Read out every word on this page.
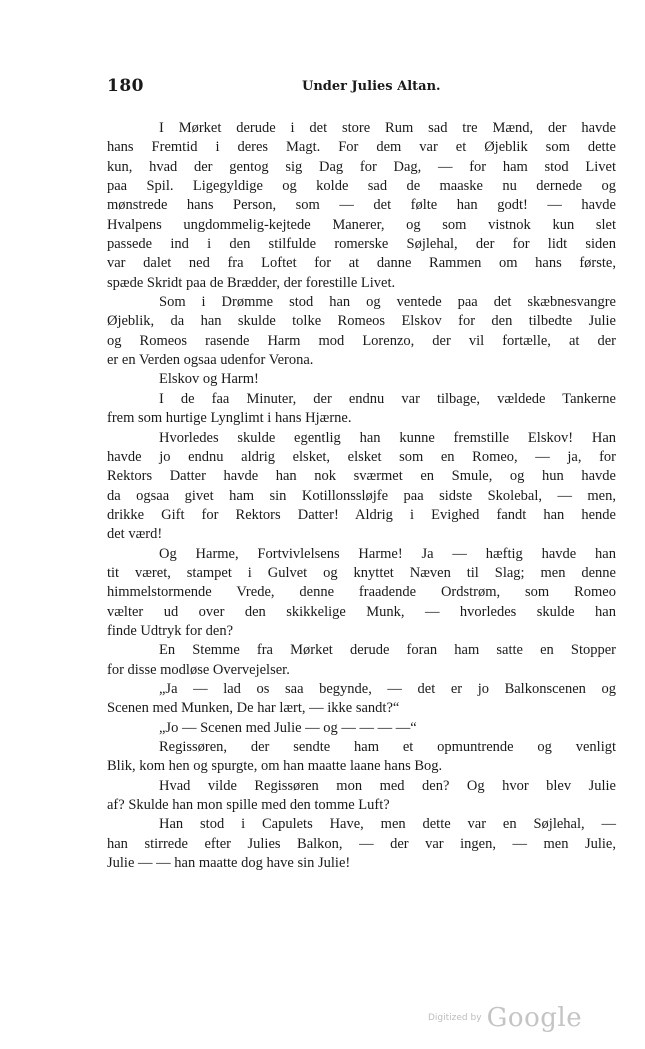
180	Under Julies Altan.
I Mørket derude i det store Rum sad tre Mænd, der havde
hans Fremtid i deres Magt. For dem var et Øjeblik som dette
kun, hvad der gentog sig Dag for Dag, — for ham stod Livet
paa Spil. Ligegyldige og kolde sad de maaske nu dernede og
mønstrede hans Person, som — det følte han godt! — havde
Hvalpens ungdommelig-kejtede Manerer, og som vistnok kun slet
passede ind i den stilfulde romerske Søjlehal, der for lidt siden
var dalet ned fra Loftet for at danne Rammen om hans første,
spæde Skridt paa de Brædder, der forestille Livet.
Som i Drømme stod han og ventede paa det skæbnesvangre
Øjeblik, da han skulde tolke Romeos Elskov for den tilbedte Julie
og Romeos rasende Harm mod Lorenzo, der vil fortælle, at der
er en Verden ogsaa udenfor Verona.
Elskov og Harm!
I de faa Minuter, der endnu var tilbage, vældede Tankerne
frem som hurtige Lynglimt i hans Hjærne.
Hvorledes skulde egentlig han kunne fremstille Elskov! Han
havde jo endnu aldrig elsket, elsket som en Romeo, — ja, for
Rektors Datter havde han nok sværmet en Smule, og hun havde
da ogsaa givet ham sin Kotillonssløjfe paa sidste Skolebal, — men,
drikke Gift for Rektors Datter! Aldrig i Evighed fandt han hende
det værd!
Og Harme, Fortvivlelsens Harme! Ja — hæftig havde han
tit været, stampet i Gulvet og knyttet Næven til Slag; men denne
himmelstormende Vrede, denne fraadende Ordstrøm, som Romeo
vælter ud over den skikkelige Munk, — hvorledes skulde han
finde Udtryk for den?
En Stemme fra Mørket derude foran ham satte en Stopper
for disse modløse Overvejelser.
„Ja — lad os saa begynde, — det er jo Balkonscenen og
Scenen med Munken, De har lært, — ikke sandt?“
„Jo — Scenen med Julie — og — — — —“
Regissøren, der sendte ham et opmuntrende og venligt
Blik, kom hen og spurgte, om han maatte laane hans Bog.
Hvad vilde Regissøren mon med den? Og hvor blev Julie
af? Skulde han mon spille med den tomme Luft?
Han stod i Capulets Have, men dette var en Søjlehal, —
han stirrede efter Julies Balkon, — der var ingen, — men Julie,
Julie — — han maatte dog have sin Julie!
Digitized by Google
